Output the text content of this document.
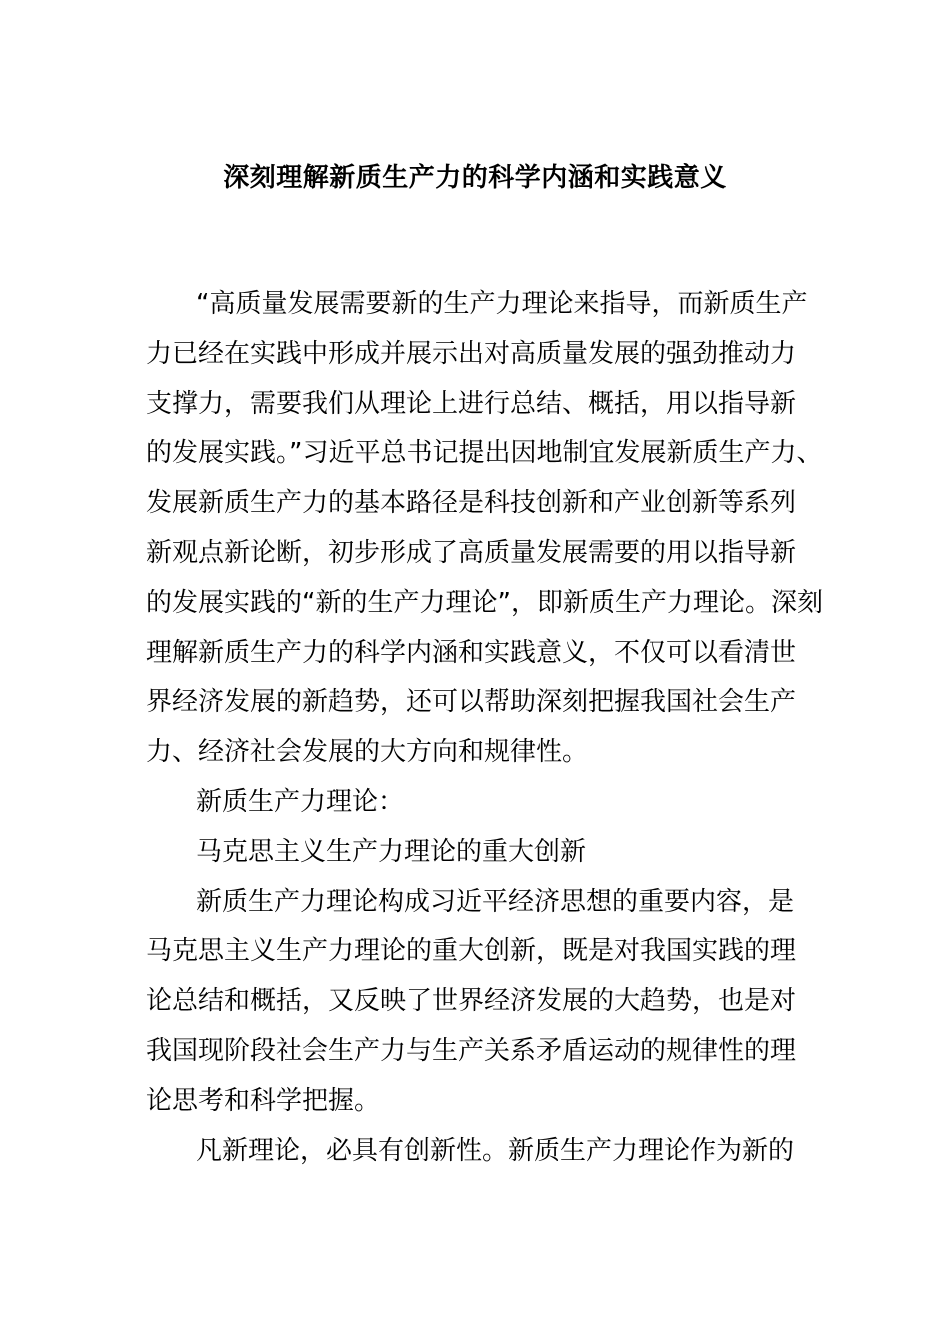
深刻理解新质生产力的科学内涵和实践意义
“高质量发展需要新的生产力理论来指导，而新质生产
力已经在实践中形成并展示出对高质量发展的强劲推动力
支撑力，需要我们从理论上进行总结、概括，用以指导新
的发展实践。”习近平总书记提出因地制宜发展新质生产力、
发展新质生产力的基本路径是科技创新和产业创新等系列
新观点新论断，初步形成了高质量发展需要的用以指导新
的发展实践的“新的生产力理论”，即新质生产力理论。深刻
理解新质生产力的科学内涵和实践意义，不仅可以看清世
界经济发展的新趋势，还可以帮助深刻把握我国社会生产
力、经济社会发展的大方向和规律性。
新质生产力理论：
马克思主义生产力理论的重大创新
新质生产力理论构成习近平经济思想的重要内容，是
马克思主义生产力理论的重大创新，既是对我国实践的理
论总结和概括，又反映了世界经济发展的大趋势，也是对
我国现阶段社会生产力与生产关系矛盾运动的规律性的理
论思考和科学把握。
凡新理论，必具有创新性。新质生产力理论作为新的
